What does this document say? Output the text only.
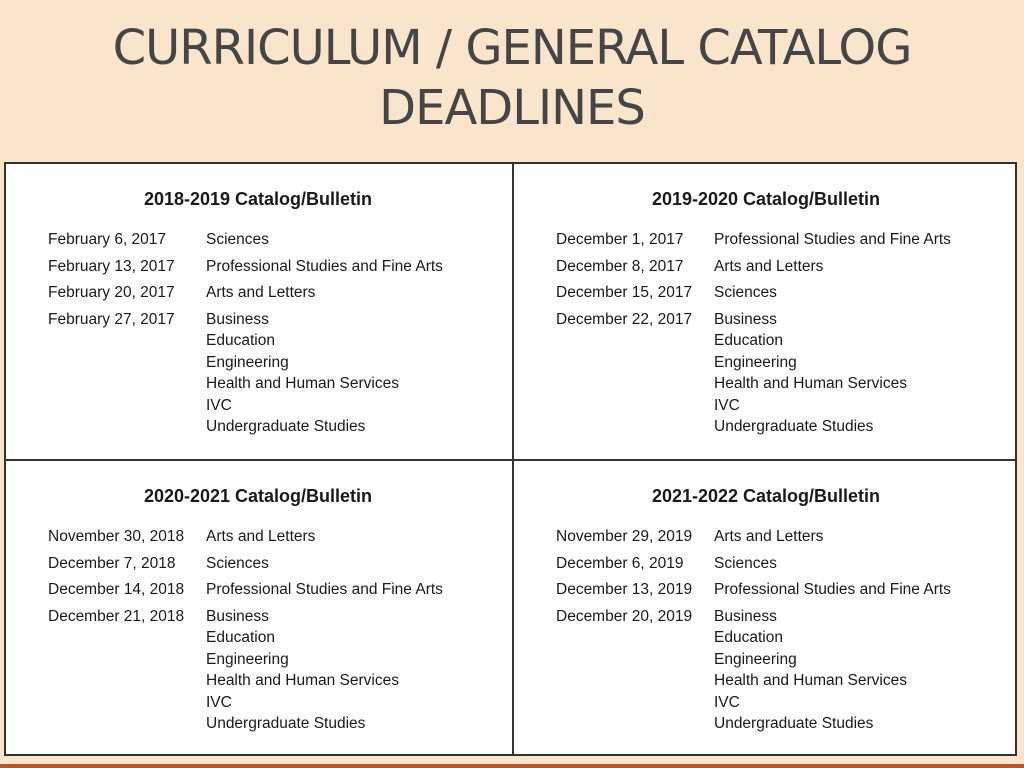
CURRICULUM / GENERAL CATALOG
DEADLINES
2018-2019 Catalog/Bulletin
February 6, 2017	Sciences
February 13, 2017	Professional Studies and Fine Arts
February 20, 2017	Arts and Letters
February 27, 2017	Business
Education
Engineering
Health and Human Services
IVC
Undergraduate Studies
2019-2020 Catalog/Bulletin
December 1, 2017	Professional Studies and Fine Arts
December 8, 2017	Arts and Letters
December 15, 2017	Sciences
December 22, 2017	Business
Education
Engineering
Health and Human Services
IVC
Undergraduate Studies
2020-2021 Catalog/Bulletin
November 30, 2018	Arts and Letters
December 7, 2018	Sciences
December 14, 2018	Professional Studies and Fine Arts
December 21, 2018	Business
Education
Engineering
Health and Human Services
IVC
Undergraduate Studies
2021-2022 Catalog/Bulletin
November 29, 2019	Arts and Letters
December 6, 2019	Sciences
December 13, 2019	Professional Studies and Fine Arts
December 20, 2019	Business
Education
Engineering
Health and Human Services
IVC
Undergraduate Studies
